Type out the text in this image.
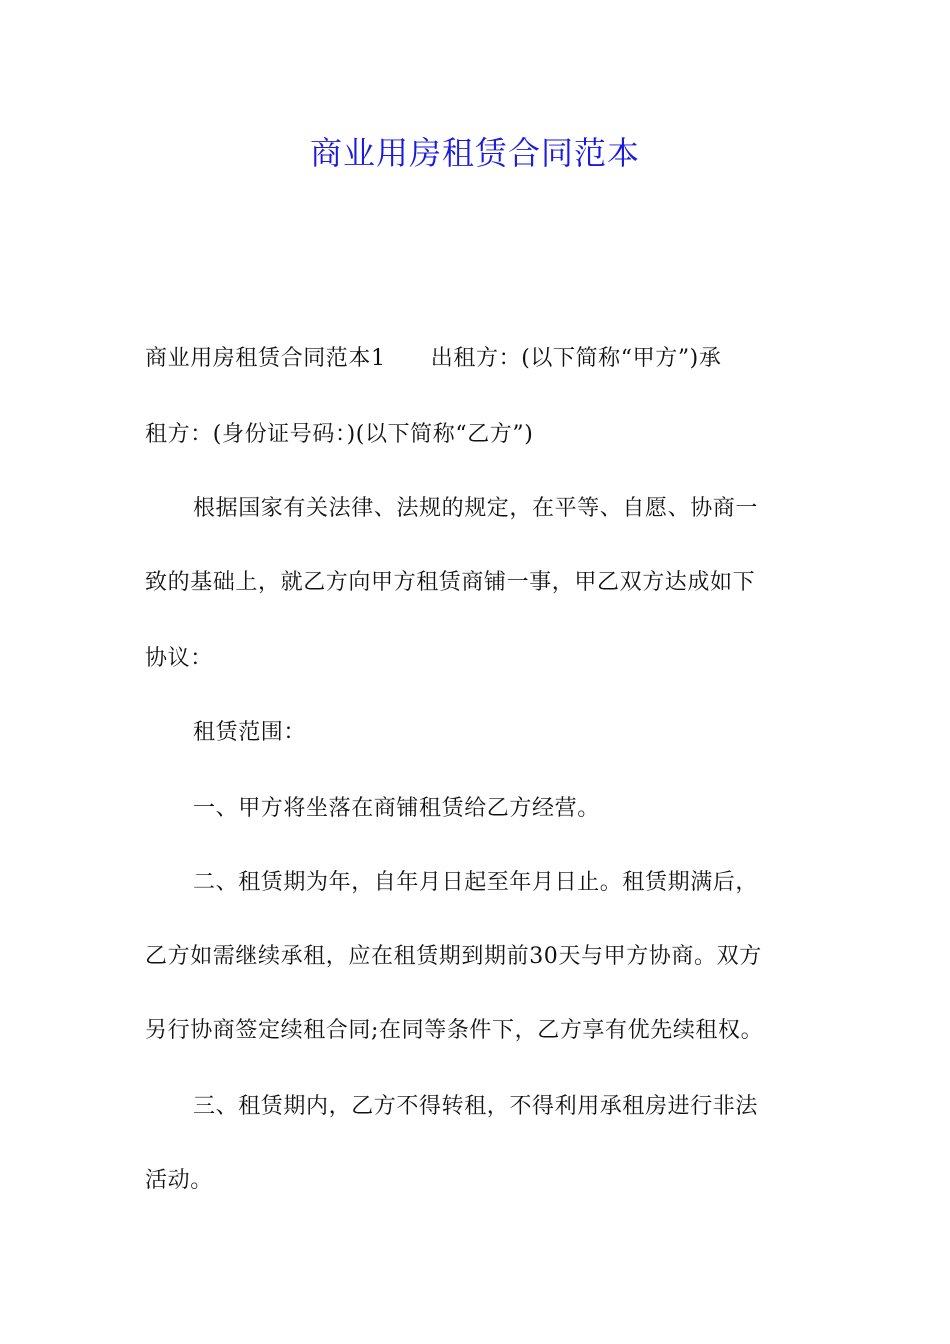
商业用房租赁合同范本

商业用房租赁合同范本1　　出租方：(以下简称“甲方”)承

租方：(身份证号码：)(以下简称“乙方”)

根据国家有关法律、法规的规定，在平等、自愿、协商一

致的基础上，就乙方向甲方租赁商铺一事，甲乙双方达成如下

协议：

租赁范围：

一、甲方将坐落在商铺租赁给乙方经营。

二、租赁期为年，自年月日起至年月日止。租赁期满后，

乙方如需继续承租，应在租赁期到期前30天与甲方协商。双方

另行协商签定续租合同;在同等条件下，乙方享有优先续租权。

三、租赁期内，乙方不得转租，不得利用承租房进行非法

活动。
